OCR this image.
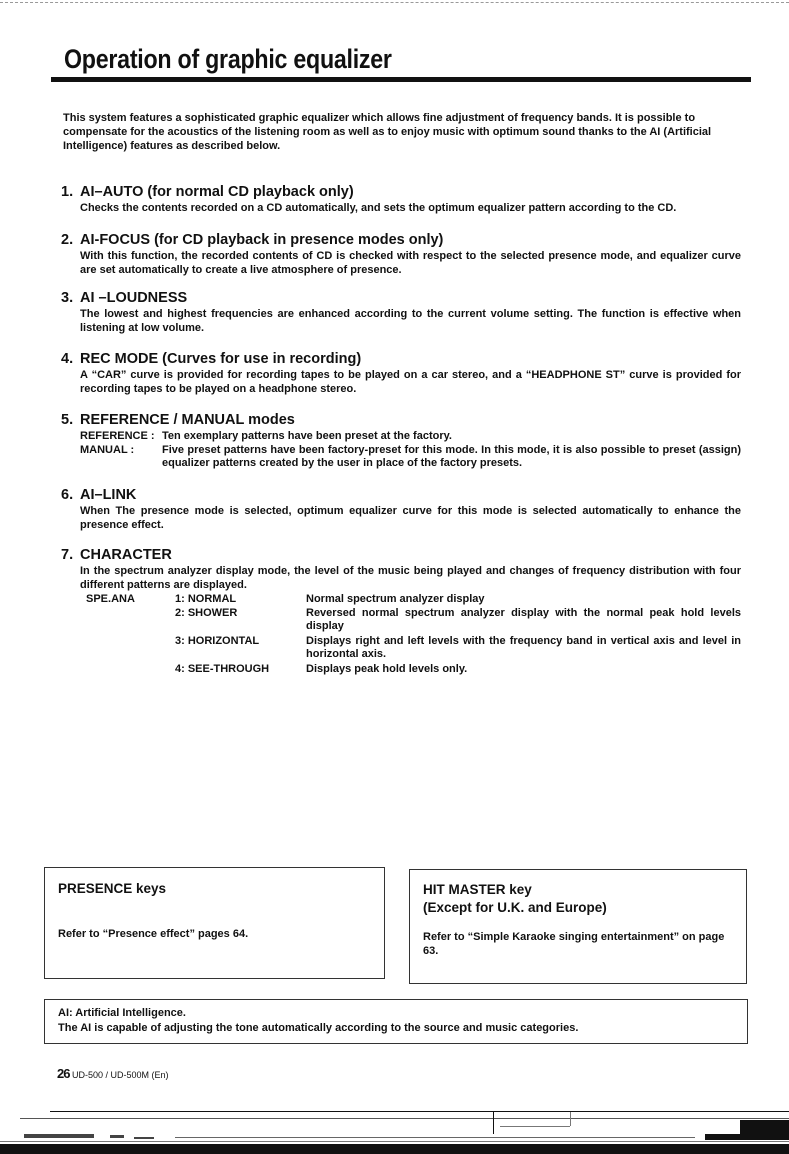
Operation of graphic equalizer

This system features a sophisticated graphic equalizer which allows fine adjustment of frequency bands. It is possible to compensate for the acoustics of the listening room as well as to enjoy music with optimum sound thanks to the AI (Artificial Intelligence) features as described below.

1. AI–AUTO (for normal CD playback only)

Checks the contents recorded on a CD automatically, and sets the optimum equalizer pattern according to the CD.

2. AI-FOCUS (for CD playback in presence modes only)

With this function, the recorded contents of CD is checked with respect to the selected presence mode, and equalizer curve are set automatically to create a live atmosphere of presence.

3. AI –LOUDNESS

The lowest and highest frequencies are enhanced according to the current volume setting. The function is effective when listening at low volume.

4. REC MODE (Curves for use in recording)

A “CAR” curve is provided for recording tapes to be played on a car stereo, and a “HEADPHONE ST” curve is provided for recording tapes to be played on a headphone stereo.

5. REFERENCE / MANUAL modes

REFERENCE : Ten exemplary patterns have been preset at the factory.
MANUAL :	Five preset patterns have been factory-preset for this mode. In this mode, it is also possible to preset (assign) equalizer patterns created by the user in place of the factory presets.

6. AI–LINK

When The presence mode is selected, optimum equalizer curve for this mode is selected automatically to enhance the presence effect.

7. CHARACTER

In the spectrum analyzer display mode, the level of the music being played and changes of frequency distribution with four different patterns are displayed.
SPE.ANA	1: NORMAL	Normal spectrum analyzer display
2: SHOWER	Reversed normal spectrum analyzer display with the normal peak hold levels display
3: HORIZONTAL	Displays right and left levels with the frequency band in vertical axis and level in horizontal axis.
4: SEE-THROUGH	Displays peak hold levels only.
PRESENCE keys

Refer to “Presence effect” pages 64.

HIT MASTER key
(Except for U.K. and Europe)

Refer to “Simple Karaoke singing entertainment” on page 63.

AI: Artificial Intelligence.

The AI is capable of adjusting the tone automatically according to the source and music categories.

26 UD-500 / UD-500M (En)
